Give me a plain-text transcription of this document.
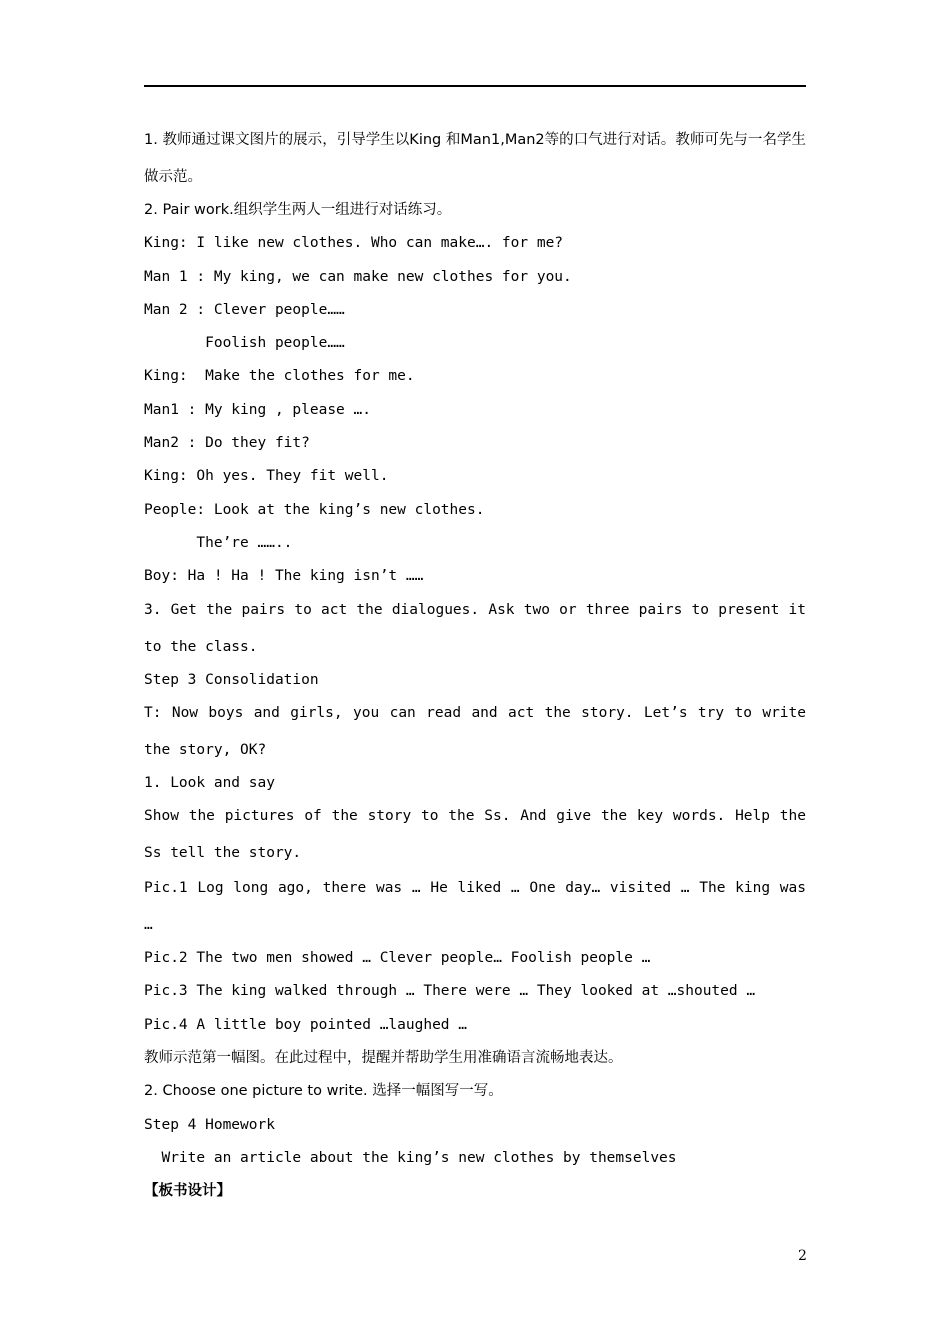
1. 教师通过课文图片的展示，引导学生以King 和Man1,Man2等的口气进行对话。教师可先与一名学生做示范。
2. Pair work.组织学生两人一组进行对话练习。
King: I like new clothes. Who can make…. for me?
Man 1 : My king, we can make new clothes for you.
Man 2 : Clever people……
Foolish people……
King:  Make the clothes for me.
Man1 : My king , please ….
Man2 : Do they fit?
King: Oh yes. They fit well.
People: Look at the king’s new clothes.
The’re ……..
Boy: Ha ! Ha ! The king isn’t ……
3. Get the pairs to act the dialogues. Ask two or three pairs to present it to the class.
Step 3 Consolidation
T: Now boys and girls, you can read and act the story. Let’s try to write the story, OK?
1. Look and say
Show the pictures of the story to the Ss. And give the key words. Help the Ss tell the story.
Pic.1 Log long ago, there was … He liked … One day… visited … The king was …
Pic.2 The two men showed … Clever people… Foolish people …
Pic.3 The king walked through … There were … They looked at …shouted …
Pic.4 A little boy pointed …laughed …
教师示范第一幅图。在此过程中，提醒并帮助学生用准确语言流畅地表达。
2. Choose one picture to write. 选择一幅图写一写。
Step 4 Homework
Write an article about the king’s new clothes by themselves
【板书设计】
2
